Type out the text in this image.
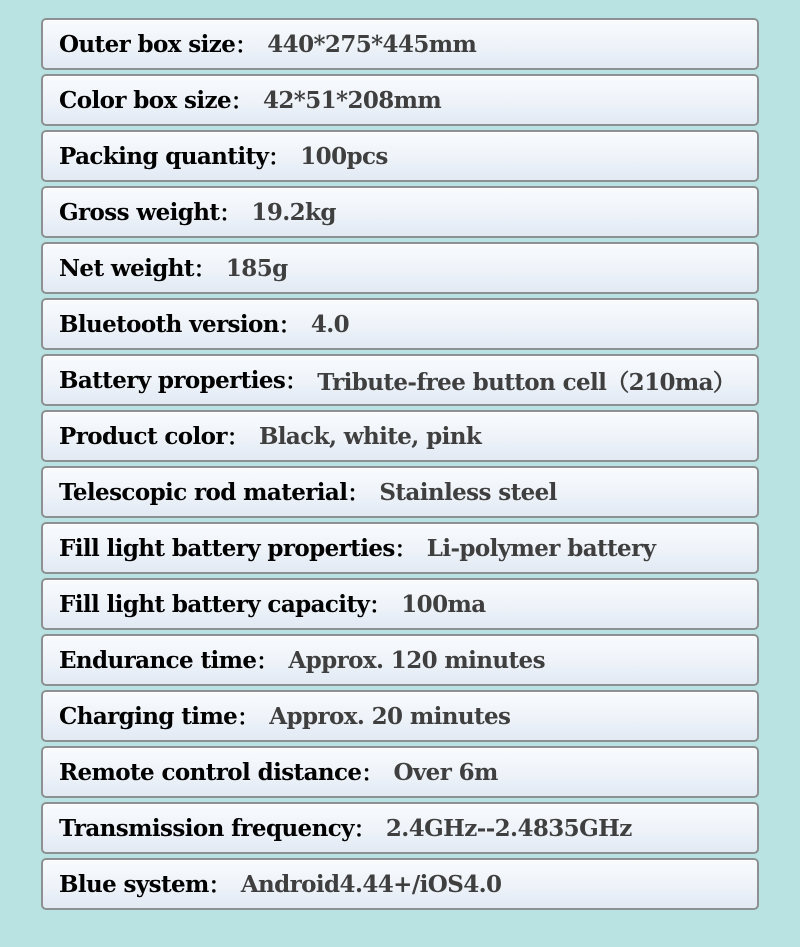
Outer box size ： 440*275*445mm
Color box size ： 42*51*208mm
Packing quantity ： 100pcs
Gross weight ： 19.2kg
Net weight ： 185g
Bluetooth version ： 4.0
Battery properties ： Tribute-free button cell（210ma）
Product color ： Black, white, pink
Telescopic rod material ： Stainless steel
Fill light battery properties ： Li-polymer battery
Fill light battery capacity ： 100ma
Endurance time ： Approx. 120 minutes
Charging time ： Approx. 20 minutes
Remote control distance ： Over 6m
Transmission frequency ： 2.4GHz--2.4835GHz
Blue system ： Android4.44+/iOS4.0
